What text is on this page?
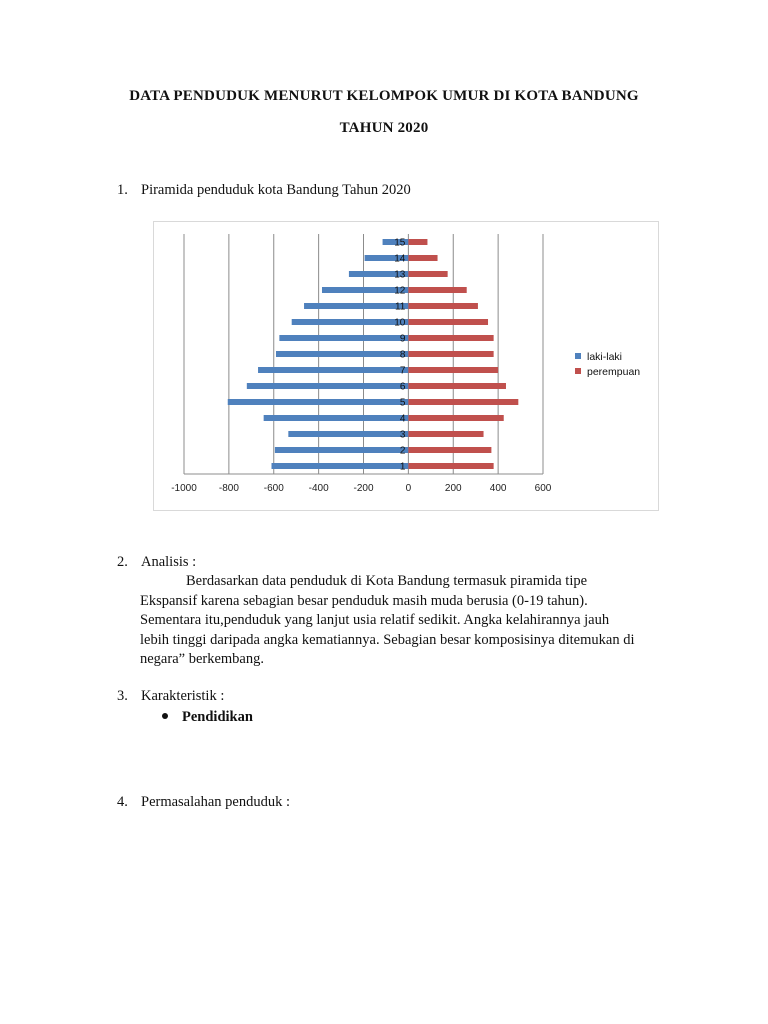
DATA PENDUDUK MENURUT KELOMPOK UMUR DI KOTA BANDUNG
TAHUN 2020
1. Piramida penduduk kota Bandung Tahun 2020
-1000 -800 -600 -400 -200	0	200	400	600
1
2
3
4
5
6
7
8
9
10
11
12
13
14
15
laki-laki
perempuan
2. Analisis :

Berdasarkan data penduduk di Kota Bandung termasuk piramida tipe

Ekspansif karena sebagian besar penduduk masih muda berusia (0-19 tahun).

Sementara itu,penduduk yang lanjut usia relatif sedikit. Angka kelahirannya jauh

lebih tinggi daripada angka kematiannya. Sebagian besar komposisinya ditemukan di

negara” berkembang.

3. Karakteristik :
Pendidikan
4. Permasalahan penduduk :
